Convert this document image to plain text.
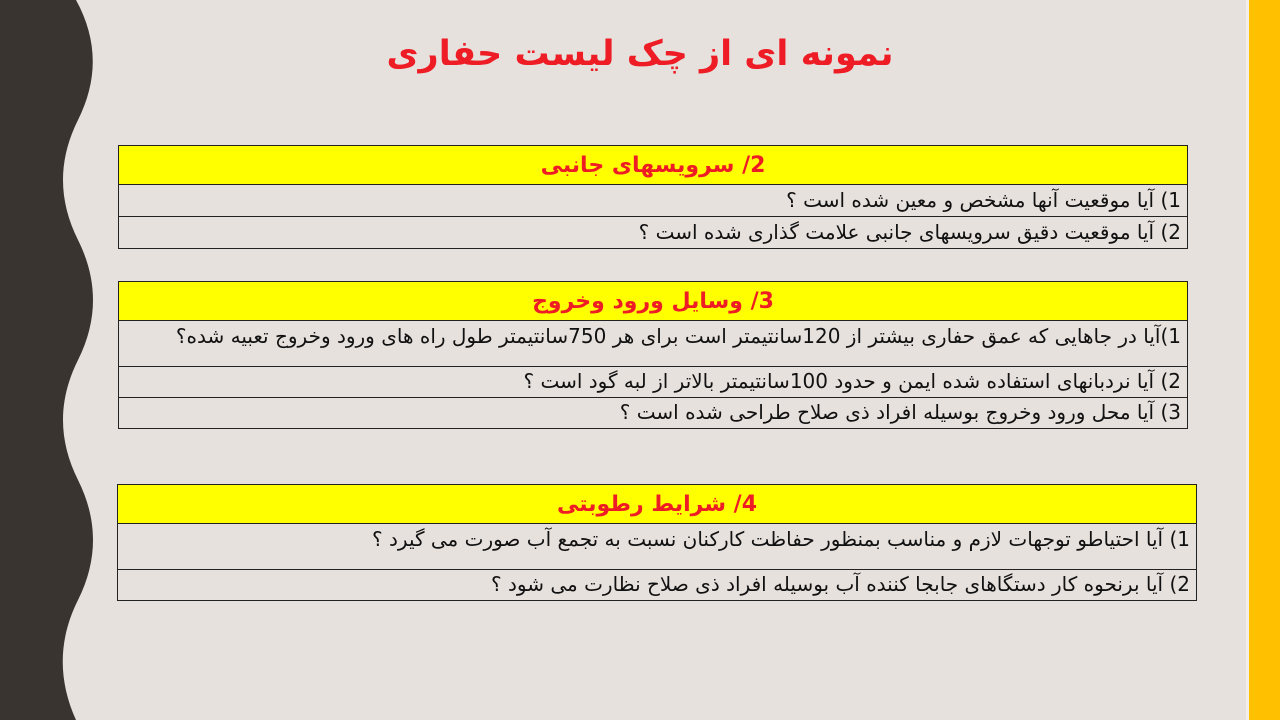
نمونه ای از چک لیست حفاری
2/ سرویسهای جانبی
1) آیا موقعیت آنها مشخص و معین شده است ؟
2) آیا موقعیت دقیق سرویسهای جانبی علامت گذاری شده است ؟
3/ وسایل ورود وخروج
1)آیا در جاهایی که عمق حفاری بیشتر از 120سانتیمتر است برای هر 750سانتیمتر طول راه های ورود وخروج تعبیه شده؟
2) آیا نردبانهای استفاده شده ایمن و حدود 100سانتیمتر بالاتر از لبه گود است ؟
3) آیا محل ورود وخروج بوسیله افراد ذی صلاح طراحی شده است ؟
4/ شرایط رطوبتی
1) آیا احتیاطو توجهات لازم و مناسب بمنظور حفاظت کارکنان نسبت به تجمع آب صورت می گیرد ؟
2) آیا برنحوه کار دستگاهای جابجا کننده آب بوسیله افراد ذی صلاح نظارت می شود ؟
